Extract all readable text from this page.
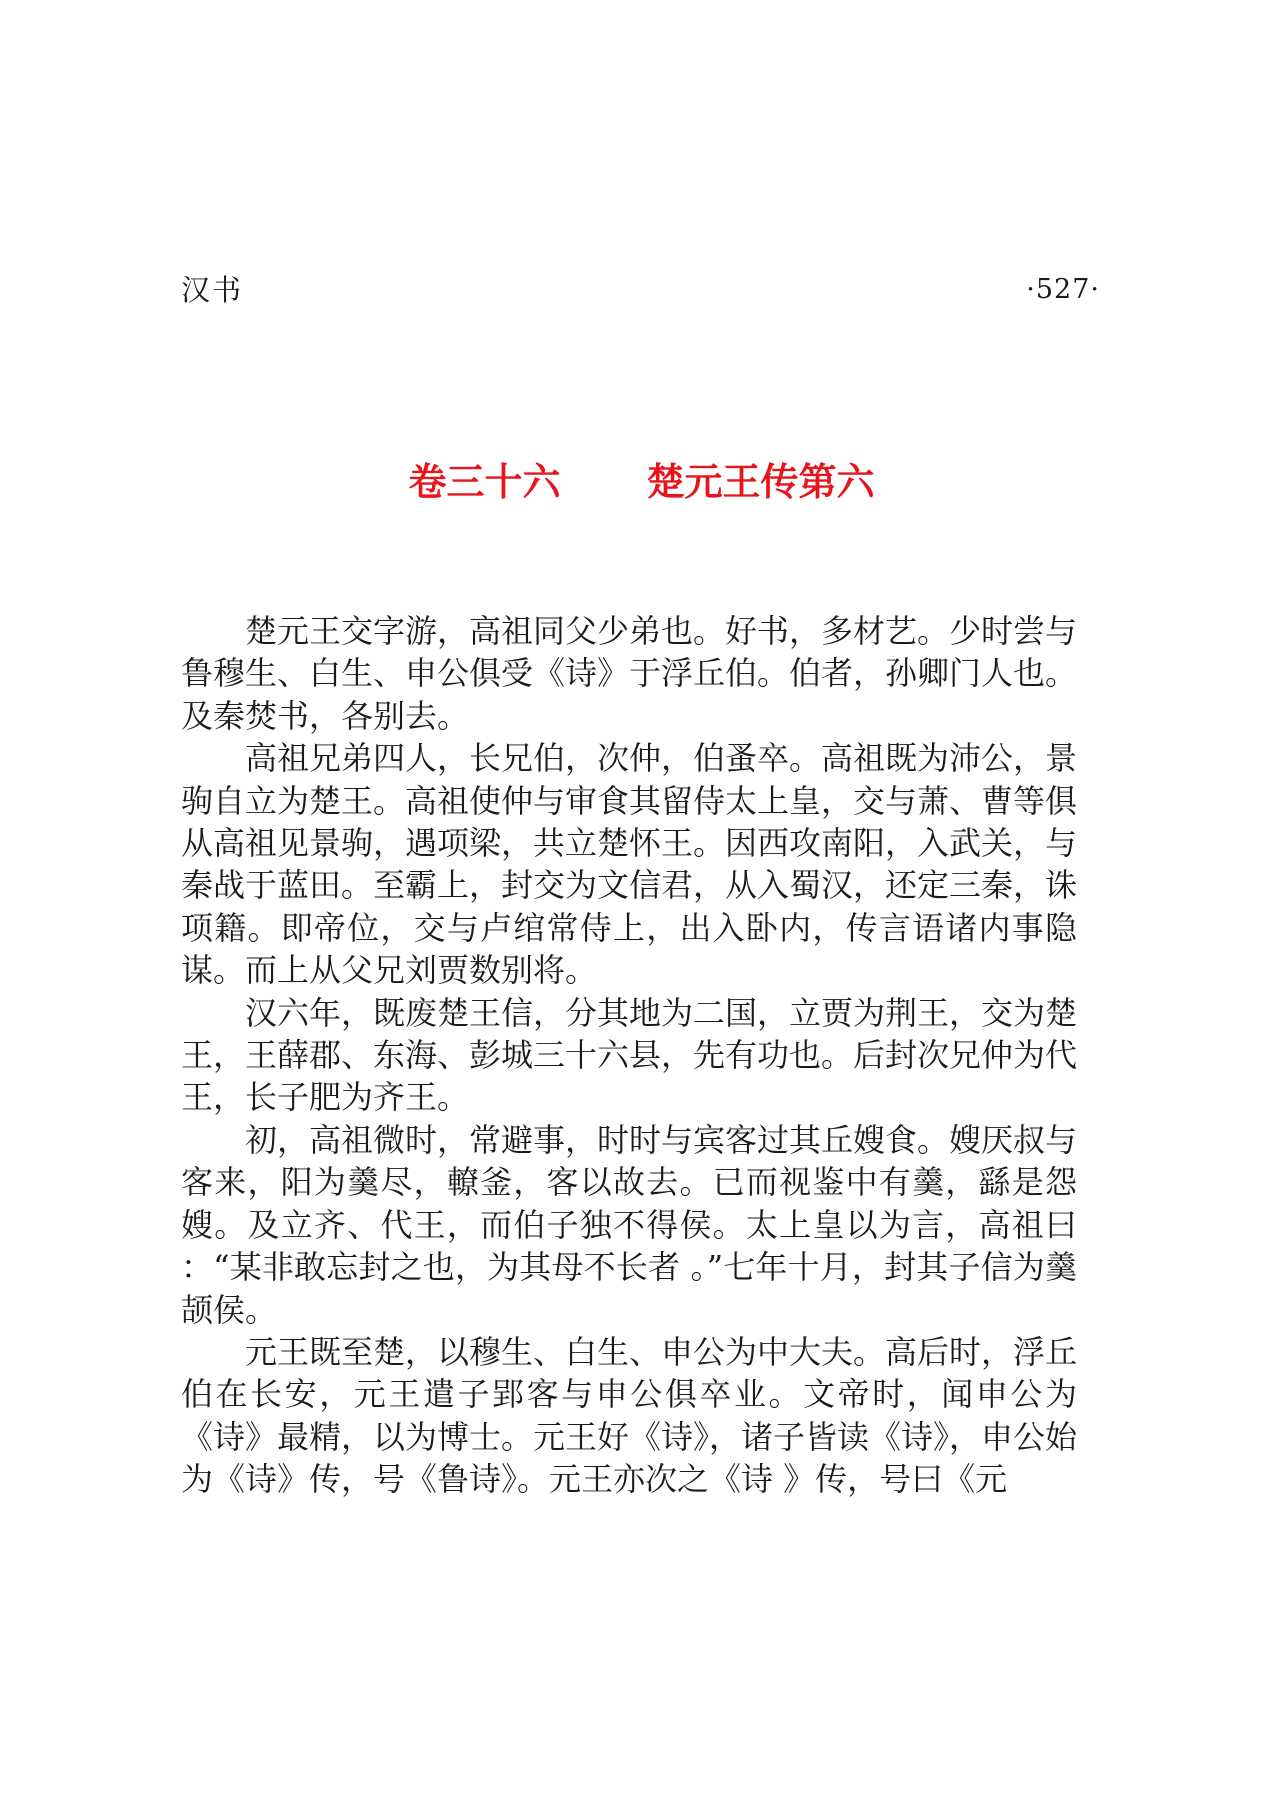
汉书	·527·
卷三十六 楚元王传第六

楚元王交字游，高祖同父少弟也。好书，多材艺。少时尝与鲁穆生、白生、申公俱受《诗》于浮丘伯。伯者，孙卿门人也。及秦焚书，各别去。

高祖兄弟四人，长兄伯，次仲，伯蚤卒。高祖既为沛公，景驹自立为楚王。高祖使仲与审食其留侍太上皇，交与萧、曹等俱从高祖见景驹，遇项梁，共立楚怀王。因西攻南阳，入武关，与秦战于蓝田。至霸上，封交为文信君，从入蜀汉，还定三秦，诛项籍。即帝位，交与卢绾常侍上，出入卧内，传言语诸内事隐谋。而上从父兄刘贾数别将。

汉六年，既废楚王信，分其地为二国，立贾为荆王，交为楚王，王薛郡、东海、彭城三十六县，先有功也。后封次兄仲为代王，长子肥为齐王。

初，高祖微时，常避事，时时与宾客过其丘嫂食。嫂厌叔与客来，阳为羹尽，轑釜，客以故去。已而视鉴中有羹，繇是怨嫂。及立齐、代王，而伯子独不得侯。太上皇以为言，高祖曰 ：“某非敢忘封之也，为其母不长者 。”七年十月，封其子信为羹颉侯。

元王既至楚，以穆生、白生、申公为中大夫。高后时，浮丘伯在长安，元王遣子郢客与申公俱卒业。文帝时，闻申公为《诗》最精，以为博士。元王好《诗》，诸子皆读《诗》，申公始为《诗》传，号《鲁诗》。元王亦次之《诗 》传，号曰《元
